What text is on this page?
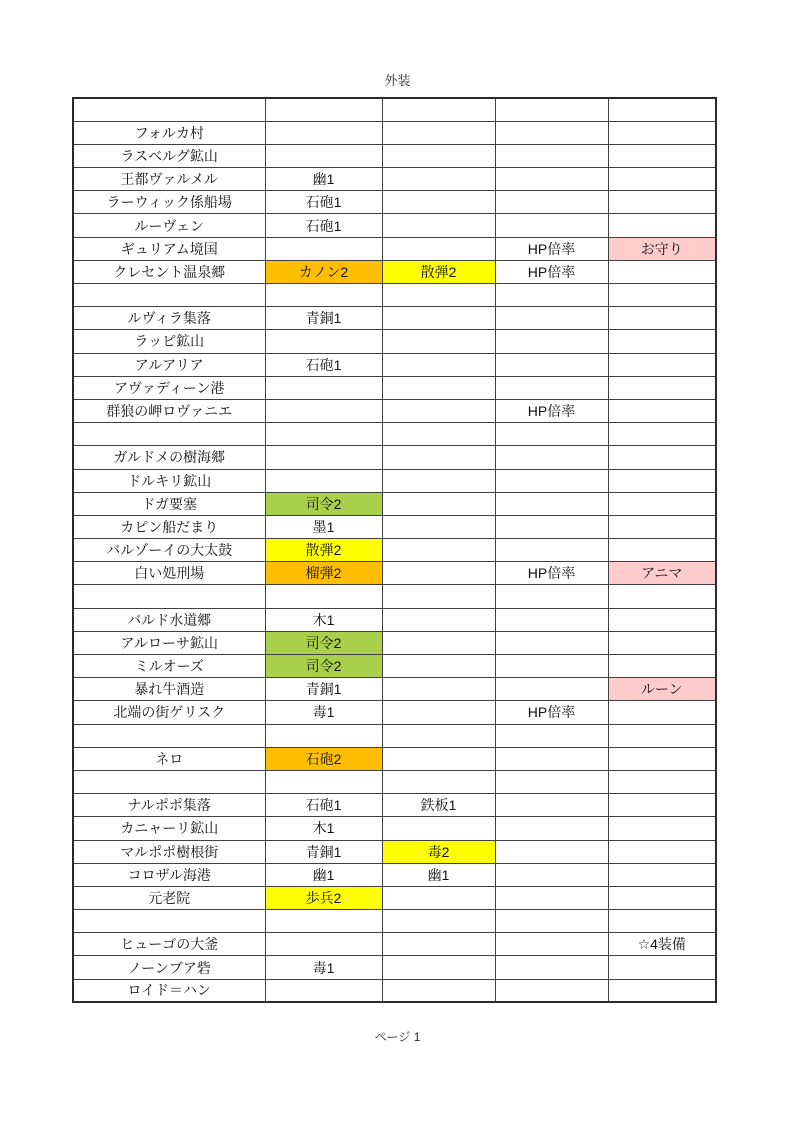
外装

フォルカ村				
ラスベルグ鉱山				
王都ヴァルメル	幽1			
ラーウィック係船場	石砲1			
ルーヴェン	石砲1			
ギュリアム境国			HP倍率	お守り
クレセント温泉郷	カノン2	散弾2	HP倍率	

ルヴィラ集落	青銅1			
ラッピ鉱山				
アルアリア	石砲1			
アヴァディーン港				
群狼の岬ロヴァニエ			HP倍率	

ガルドメの樹海郷				
ドルキリ鉱山				
ドガ要塞	司令2			
カピン船だまり	墨1			
バルゾーイの大太鼓	散弾2			
白い処刑場	榴弾2		HP倍率	アニマ

バルド水道郷	木1			
アルローサ鉱山	司令2			
ミルオーズ	司令2			
暴れ牛酒造	青銅1			ルーン
北端の街ゲリスク	毒1		HP倍率	

ネロ	石砲2			

ナルポポ集落	石砲1	鉄板1		
カニャーリ鉱山	木1			
マルポポ樹根街	青銅1	毒2		
コロザル海港	幽1	幽1		
元老院	歩兵2			

ヒューゴの大釜				☆4装備
ノーンブア砦	毒1			
ロイド＝ハン				
ページ 1
